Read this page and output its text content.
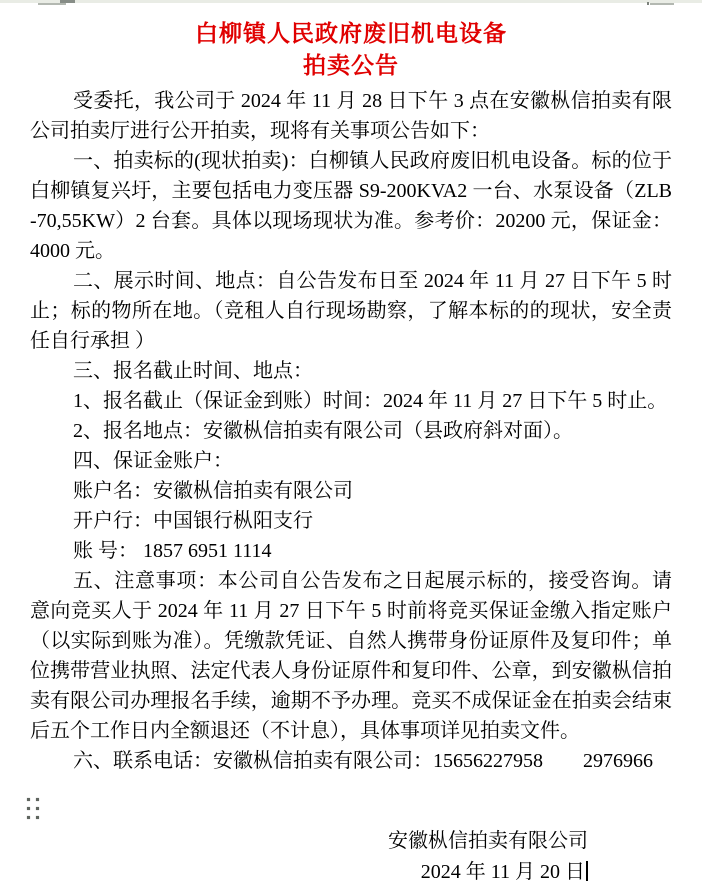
白柳镇人民政府废旧机电设备
拍卖公告

受委托，我公司于 2024 年 11 月 28 日下午 3 点在安徽枞信拍卖有限公司拍卖厅进行公开拍卖，现将有关事项公告如下：

一、拍卖标的(现状拍卖)：白柳镇人民政府废旧机电设备。标的位于白柳镇复兴圩，主要包括电力变压器 S9-200KVA2 一台、水泵设备（ZLB-70,55KW）2 台套。具体以现场现状为准。参考价：20200 元，保证金：4000 元。

二、展示时间、地点：自公告发布日至 2024 年 11 月 27 日下午 5 时止；标的物所在地。（竞租人自行现场勘察，了解本标的的现状，安全责任自行承担 ）

三、报名截止时间、地点：

1、报名截止（保证金到账）时间：2024 年 11 月 27 日下午 5 时止。

2、报名地点：安徽枞信拍卖有限公司（县政府斜对面）。

四、保证金账户：

账户名：安徽枞信拍卖有限公司

开户行：中国银行枞阳支行

账 号： 1857 6951 1114

五、注意事项：本公司自公告发布之日起展示标的，接受咨询。请意向竞买人于 2024 年 11 月 27 日下午 5 时前将竞买保证金缴入指定账户（以实际到账为准）。凭缴款凭证、自然人携带身份证原件及复印件；单位携带营业执照、法定代表人身份证原件和复印件、公章，到安徽枞信拍卖有限公司办理报名手续，逾期不予办理。竞买不成保证金在拍卖会结束后五个工作日内全额退还（不计息），具体事项详见拍卖文件。

六、联系电话：安徽枞信拍卖有限公司：15656227958　　2976966

安徽枞信拍卖有限公司
2024 年 11 月 20 日
